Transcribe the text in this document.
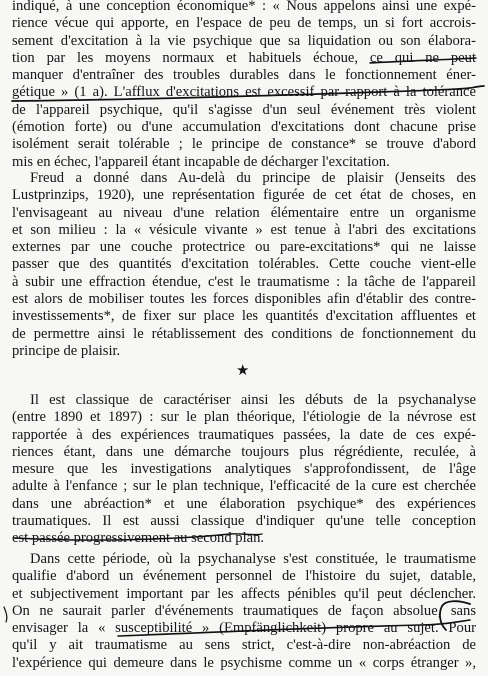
indiqué, à une conception économique* : « Nous appelons ainsi une expé-
rience vécue qui apporte, en l'espace de peu de temps, un si fort accrois-
sement d'excitation à la vie psychique que sa liquidation ou son élabora-
tion par les moyens normaux et habituels échoue, ce qui ne peut
manquer d'entraîner des troubles durables dans le fonctionnement éner-
gétique » (1 a). L'afflux d'excitations est excessif par rapport à la tolérance
de l'appareil psychique, qu'il s'agisse d'un seul événement très violent
(émotion forte) ou d'une accumulation d'excitations dont chacune prise
isolément serait tolérable ; le principe de constance* se trouve d'abord
mis en échec, l'appareil étant incapable de décharger l'excitation.
Freud a donné dans Au-delà du principe de plaisir (Jenseits des
Lustprinzips, 1920), une représentation figurée de cet état de choses, en
l'envisageant au niveau d'une relation élémentaire entre un organisme
et son milieu : la « vésicule vivante » est tenue à l'abri des excitations
externes par une couche protectrice ou pare-excitations* qui ne laisse
passer que des quantités d'excitation tolérables. Cette couche vient-elle
à subir une effraction étendue, c'est le traumatisme : la tâche de l'appareil
est alors de mobiliser toutes les forces disponibles afin d'établir des contre-
investissements*, de fixer sur place les quantités d'excitation affluentes et
de permettre ainsi le rétablissement des conditions de fonctionnement du
principe de plaisir.
★
Il est classique de caractériser ainsi les débuts de la psychanalyse
(entre 1890 et 1897) : sur le plan théorique, l'étiologie de la névrose est
rapportée à des expériences traumatiques passées, la date de ces expé-
riences étant, dans une démarche toujours plus régrédiente, reculée, à
mesure que les investigations analytiques s'approfondissent, de l'âge
adulte à l'enfance ; sur le plan technique, l'efficacité de la cure est cherchée
dans une abréaction* et une élaboration psychique* des expériences
traumatiques. Il est aussi classique d'indiquer qu'une telle conception
est passée progressivement au second plan.
Dans cette période, où la psychanalyse s'est constituée, le traumatisme
qualifie d'abord un événement personnel de l'histoire du sujet, datable,
et subjectivement important par les affects pénibles qu'il peut déclencher.
On ne saurait parler d'événements traumatiques de façon absolue, sans
envisager la « susceptibilité » (Empfänglichkeit) propre au sujet. Pour
qu'il y ait traumatisme au sens strict, c'est-à-dire non-abréaction de
l'expérience qui demeure dans le psychisme comme un « corps étranger »,
